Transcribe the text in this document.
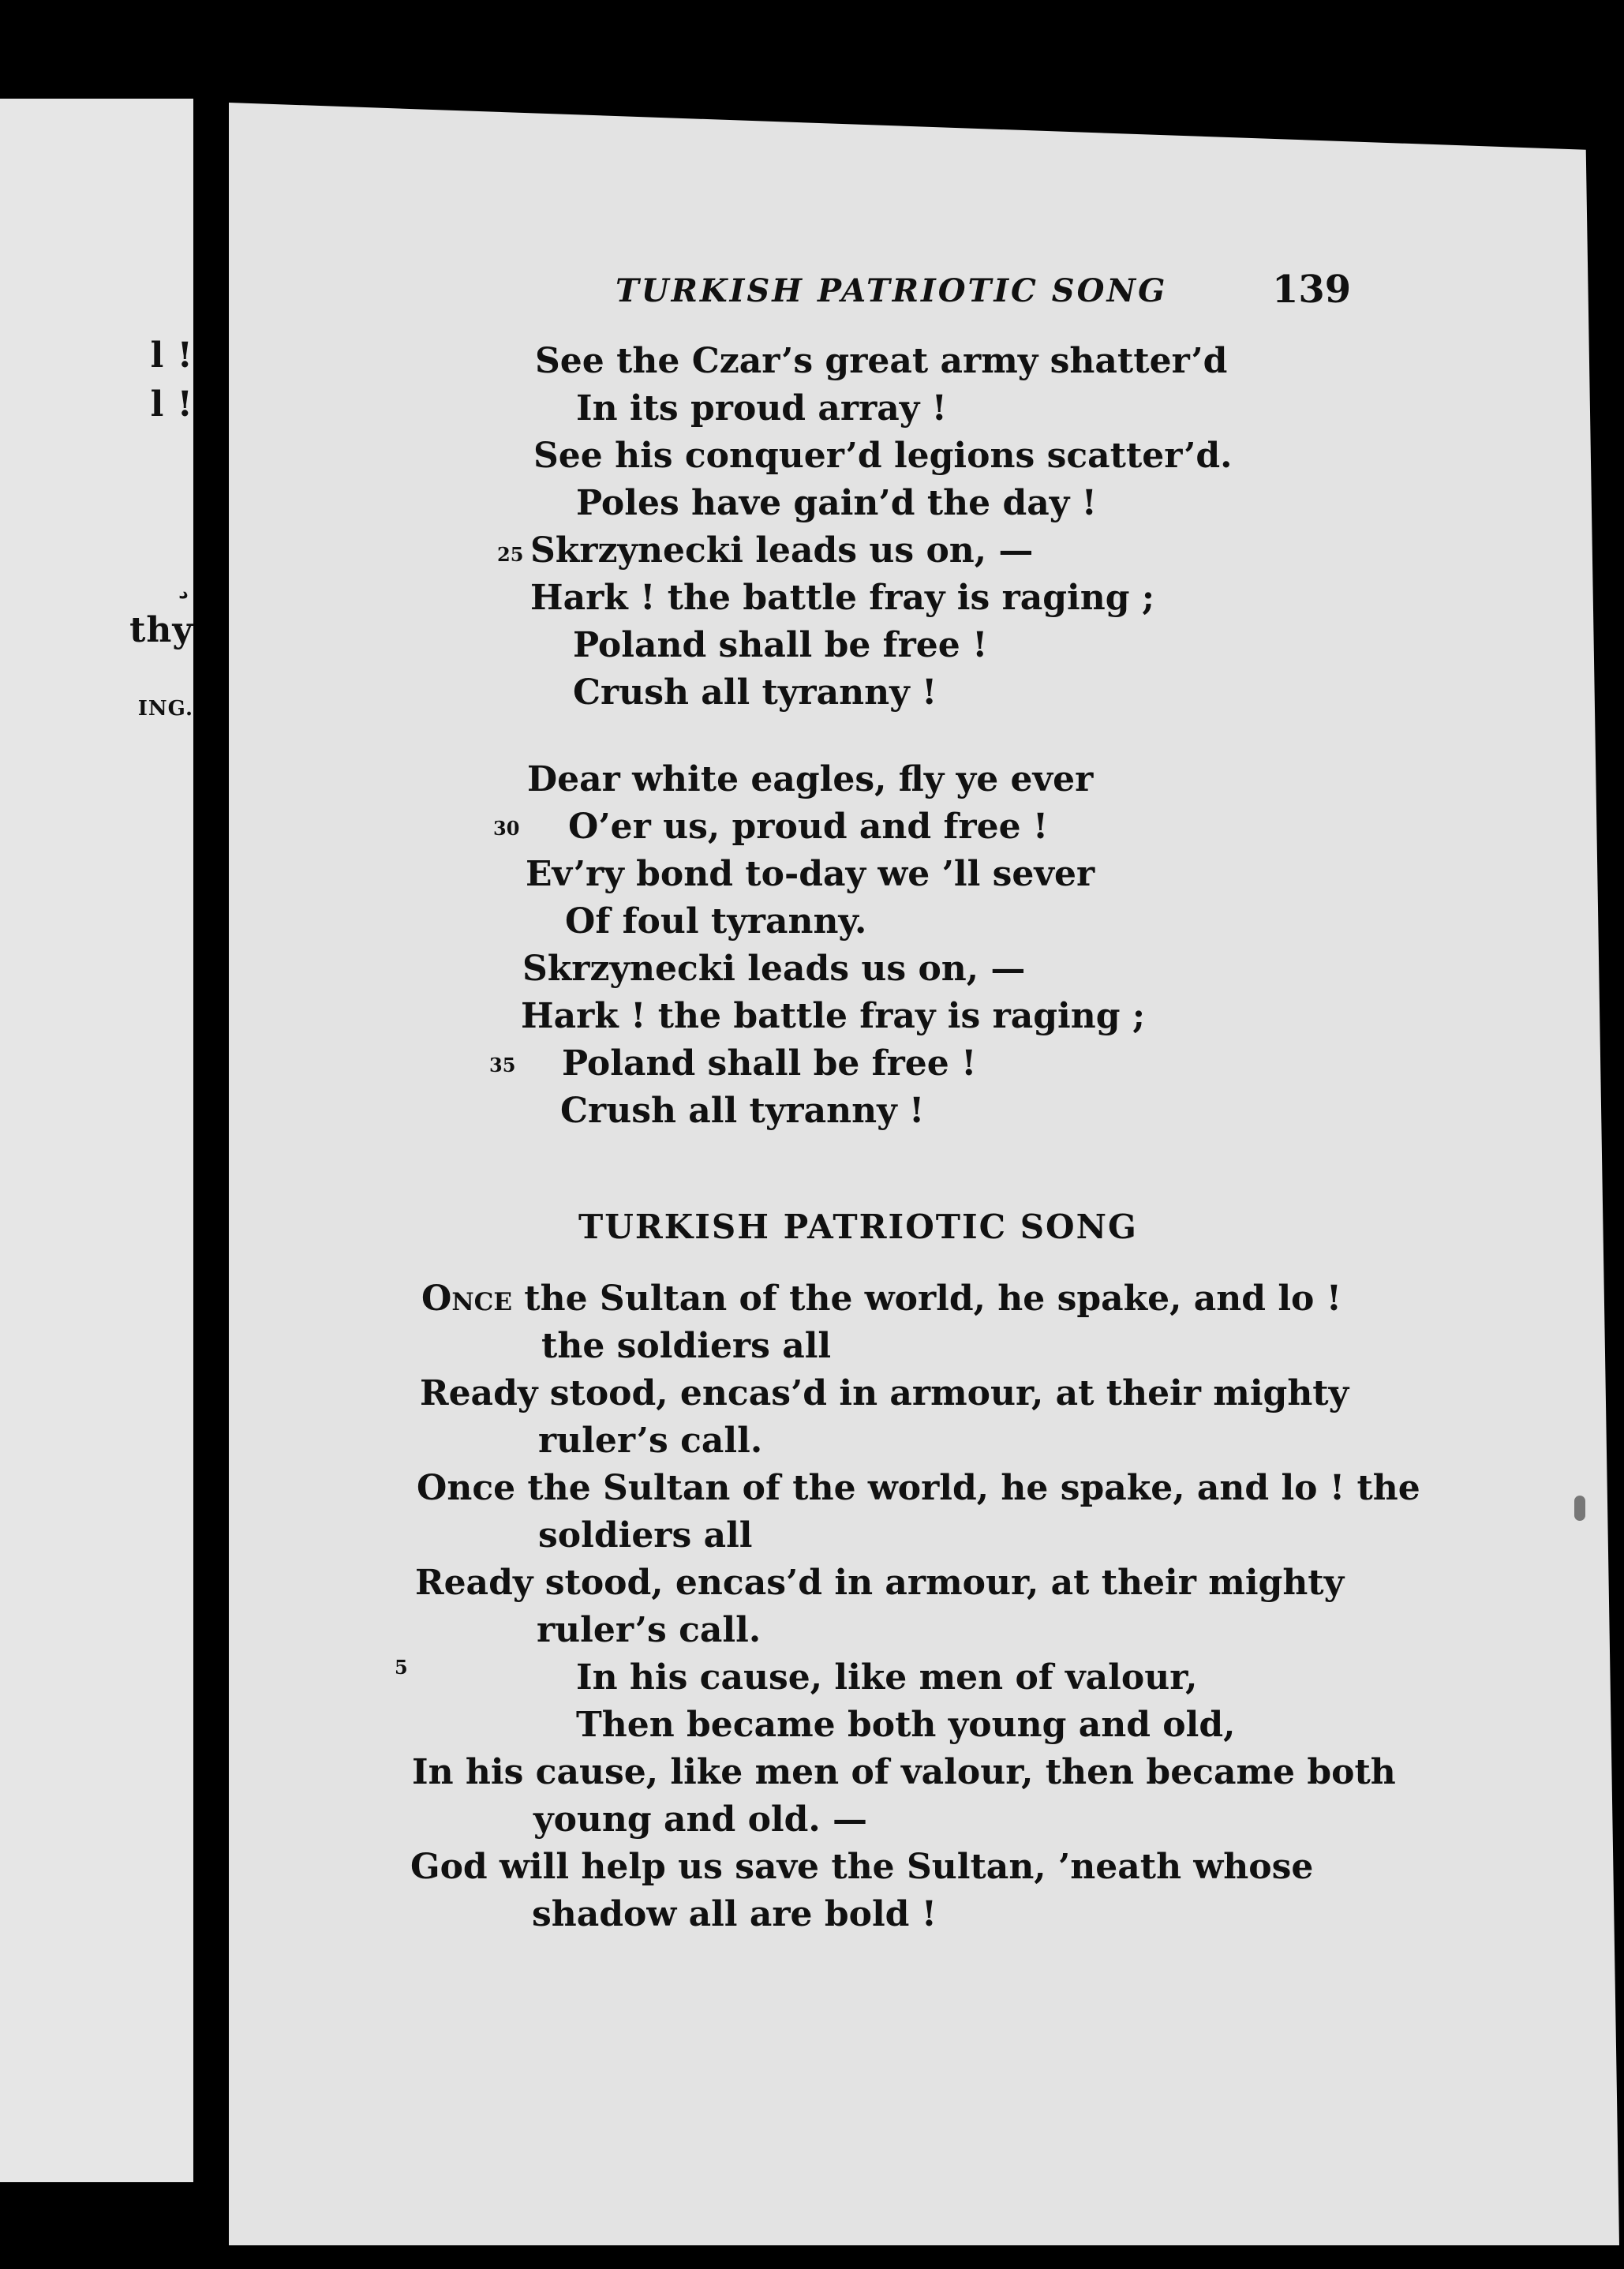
l !
l !
¸
thy
ING.
TURKISH PATRIOTIC SONG	139
See the Czar’s great army shatter’d
In its proud array !
See his conquer’d legions scatter’d.
Poles have gain’d the day !
25 Skrzynecki leads us on, —
Hark ! the battle fray is raging ;
Poland shall be free !
Crush all tyranny !
Dear white eagles, fly ye ever
30 O’er us, proud and free !
Ev’ry bond to-day we ’ll sever
Of foul tyranny.
Skrzynecki leads us on, —
Hark ! the battle fray is raging ;
35 Poland shall be free !
Crush all tyranny !
TURKISH PATRIOTIC SONG
Once the Sultan of the world, he spake, and lo !
the soldiers all
Ready stood, encas’d in armour, at their mighty
ruler’s call.
Once the Sultan of the world, he spake, and lo ! the
soldiers all
Ready stood, encas’d in armour, at their mighty
ruler’s call.
5	In his cause, like men of valour,
Then became both young and old,
In his cause, like men of valour, then became both
young and old. —
God will help us save the Sultan, ’neath whose
shadow all are bold !
